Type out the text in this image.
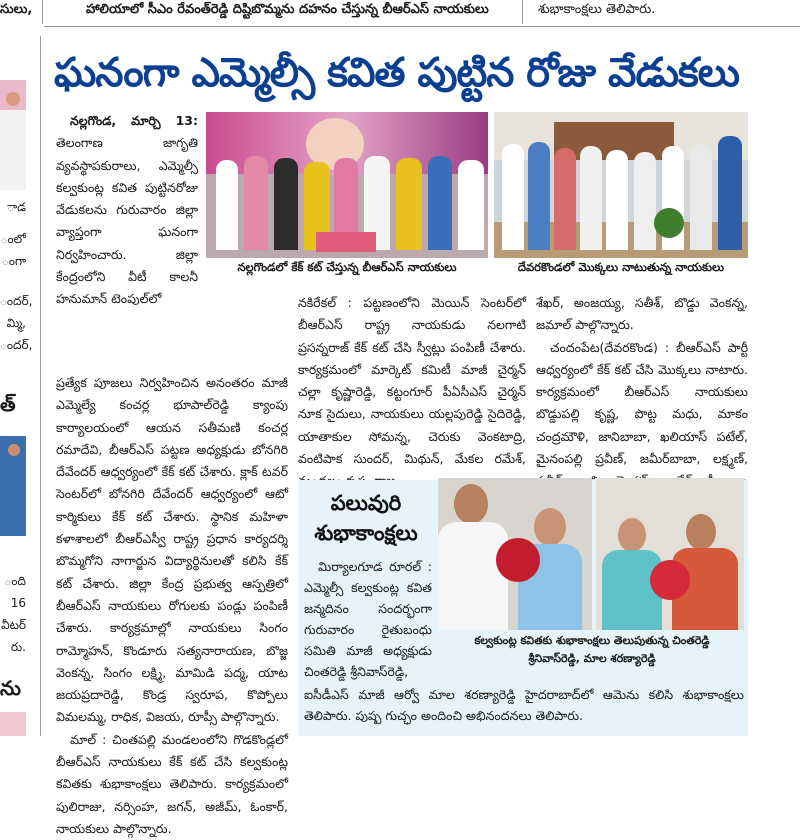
సులు,	హాలియాలో సీఎం రేవంత్‌రెడ్డి దిష్టిబొమ్మను దహనం చేస్తున్న బీఆర్‌ఎస్‌ నాయకులు	శుభాకాంక్షలు తెలిపారు.
ాడ
ంలో
ంగా
ందర్,
మ్మి,
ందర్,
త్
ంది
16
వీటర్
రు.
ను
ఘనంగా ఎమ్మెల్సీ కవిత పుట్టిన రోజు వేడుకలు

నల్లగొండ, మార్చి 13: తెలంగాణ జాగృతి వ్యవస్థాపకురాలు, ఎమ్మెల్సీ కల్వకుంట్ల కవిత పుట్టినరోజు వేడుకలను గురువారం జిల్లా వ్యాప్తంగా ఘనంగా నిర్వహించారు. జిల్లా కేంద్రంలోని వీటీ కాలనీ హనుమాన్ టెంపుల్‌లో

ప్రత్యేక పూజలు నిర్వహించిన అనంతరం మాజీ ఎమ్మెల్యే కంచర్ల భూపాల్‌రెడ్డి క్యాంపు కార్యాలయంలో ఆయన సతీమణి కంచర్ల రమాదేవి, బీఆర్‌ఎస్ పట్టణ అధ్యక్షుడు బోనగిరి దేవేందర్ ఆధ్వర్యంలో కేక్ కట్ చేశారు. క్లాక్ టవర్ సెంటర్‌లో బోనగిరి దేవేందర్ ఆధ్వర్యంలో ఆటో కార్మికులు కేక్ కట్ చేశారు. స్థానిక మహిళా కళాశాలలో బీఆర్‌ఎస్వీ రాష్ట్ర ప్రధాన కార్యదర్శి బొమ్మగోని నాగార్జున విద్యార్థినులతో కలిసి కేక్ కట్ చేశారు. జిల్లా కేంద్ర ప్రభుత్వ ఆస్పత్రిలో బీఆర్‌ఎస్ నాయకులు రోగులకు పండ్లు పంపిణీ చేశారు. కార్యక్రమాల్లో నాయకులు సింగం రామ్మోహన్, కొండూరు సత్యనారాయణ, బొజ్జ వెంకన్న, సింగం లక్ష్మి, మామిడి పద్మ, యాట జయప్రదారెడ్డి, కొండ్ర స్వరూప, కొప్పోలు విమలమ్మ, రాధిక, విజయ, రూప్సీ పాల్గొన్నారు.

మాల్ : చింతపల్లి మండలంలోని గొడకొండ్లలో బీఆర్‌ఎస్ నాయకులు కేక్ కట్ చేసి కల్వకుంట్ల కవితకు శుభాకాంక్షలు తెలిపారు. కార్యక్రమంలో పులిరాజు, నర్సింహ, జగన్, అజీమ్, ఓంకార్, నాయకులు పాల్గొన్నారు.

నల్లగొండలో కేక్‌ కట్‌ చేస్తున్న బీఆర్‌ఎస్‌ నాయకులు	దేవరకొండలో మొక్కలు నాటుతున్న నాయకులు

నకిరేకల్ : పట్టణంలోని మెయిన్ సెంటర్‌లో బీఆర్‌ఎస్ రాష్ట్ర నాయకుడు నలగాటి ప్రసన్నరాజ్ కేక్ కట్ చేసి స్వీట్లు పంపిణీ చేశారు. కార్యక్రమంలో మార్కెట్ కమిటీ మాజీ చైర్మన్ చల్లా కృష్ణారెడ్డి, కట్టంగూర్ పీఏసీఎస్ చైర్మన్ నూక సైదులు, నాయకులు యల్లపురెడ్డి సైదిరెడ్డి, యాతాకుల సోమన్న, చెరుకు వెంకటాద్రి, వంటిపాక సుందర్, మిథున్, మేకల రమేశ్,

శేఖర్, అంజయ్య, సతీశ్, బొడ్డు వెంకన్న, జమాల్ పాల్గొన్నారు.

చందంపేట(దేవరకొండ) : బీఆర్‌ఎస్ పార్టీ ఆధ్వర్యంలో కేక్ కట్ చేసి మొక్కలు నాటారు. కార్యక్రమంలో బీఆర్‌ఎస్ నాయకులు బొడ్డుపల్లి కృష్ణ, పొట్ట మధు, మాకం చంద్రమౌళి, జానిబాబా, ఖలియాస్ పటేల్, మైనంపల్లి ప్రవీణ్, జమీర్‌బాబా, లక్ష్మణ్,

పలువురి
శుభాకాంక్షలు

మిర్యాలగూడ రూరల్ : ఎమ్మెల్సీ కల్వకుంట్ల కవిత జన్మదినం సందర్భంగా గురువారం రైతుబంధు సమితి మాజీ అధ్యక్షుడు చింతరెడ్డి శ్రీనివాస్‌రెడ్డి,

కల్వకుంట్ల కవితకు శుభాకాంక్షలు తెలుపుతున్న చింతరెడ్డి
శ్రీనివాస్‌రెడ్డి, మాల శరణ్యారెడ్డి

ఐసీడీఎస్ మాజీ ఆర్వో మాల శరణ్యారెడ్డి హైదరాబాద్‌లో ఆమెను కలిసి శుభాకాంక్షలు తెలిపారు. పుష్ప గుచ్ఛం అందించి అభినందనలు తెలిపారు.
